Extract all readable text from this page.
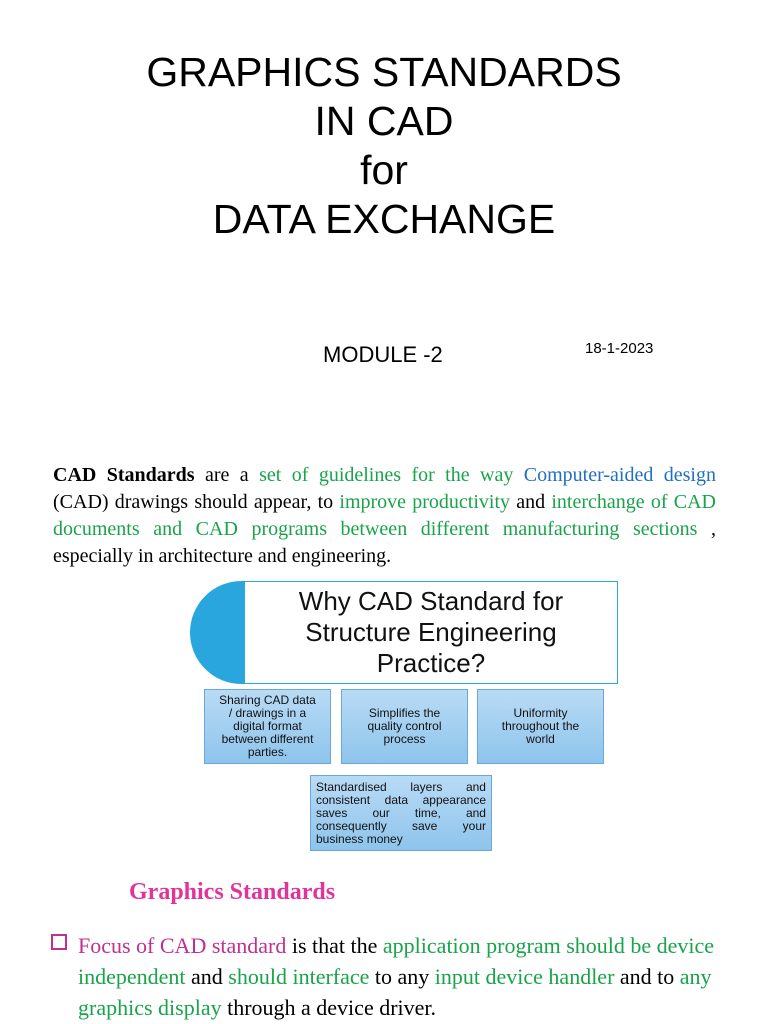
GRAPHICS STANDARDS
IN CAD
for
DATA EXCHANGE
MODULE -2	18-1-2023
CAD Standards are a set of guidelines for the way Computer-aided design (CAD) drawings should appear, to improve productivity and interchange of CAD documents and CAD programs between different manufacturing sections , especially in architecture and engineering.
Why CAD Standard for
Structure Engineering
Practice?
Sharing CAD data
/ drawings in a
digital format
between different
parties.
Simplifies the
quality control
process
Uniformity
throughout the
world
Standardised layers and
consistent data appearance
saves our time, and
consequently save your
business money
Graphics Standards
Focus of CAD standard is that the application program should be device independent and should interface to any input device handler and to any graphics display through a device driver.
